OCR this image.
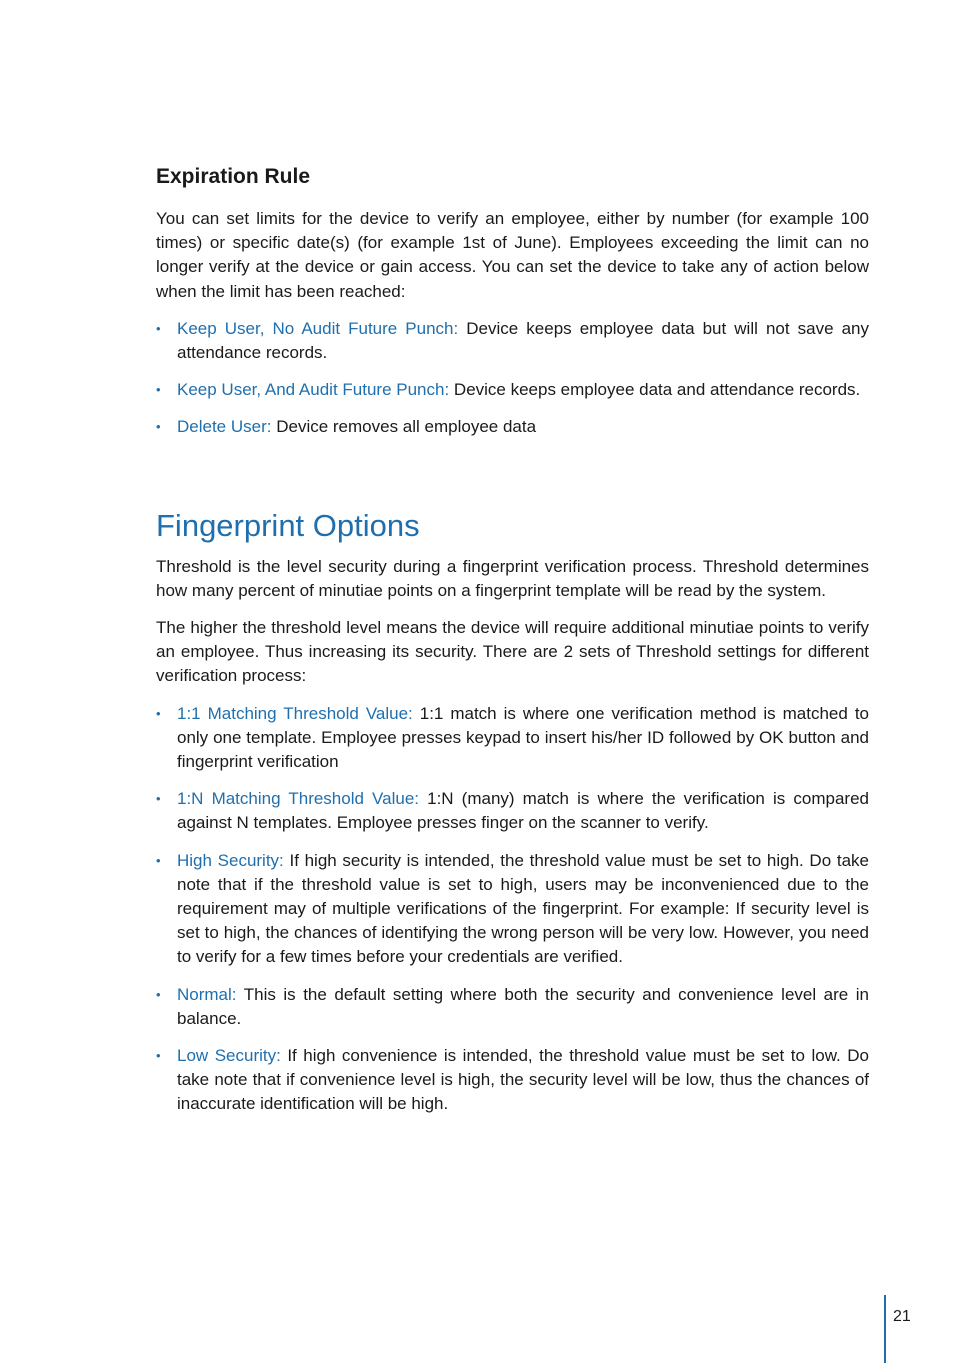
Expiration Rule

You can set limits for the device to verify an employee, either by number (for example 100 times) or specific date(s) (for example 1st of June). Employees exceeding the limit can no longer verify at the device or gain access. You can set the device to take any of action below when the limit has been reached:

• Keep User, No Audit Future Punch: Device keeps employee data but will not save any attendance records.
• Keep User, And Audit Future Punch: Device keeps employee data and attendance records.
• Delete User: Device removes all employee data
Fingerprint Options

Threshold is the level security during a fingerprint verification process. Threshold determines how many percent of minutiae points on a fingerprint template will be read by the system.

The higher the threshold level means the device will require additional minutiae points to verify an employee. Thus increasing its security. There are 2 sets of Threshold settings for different verification process:

• 1:1 Matching Threshold Value: 1:1 match is where one verification method is matched to only one template. Employee presses keypad to insert his/her ID followed by OK button and fingerprint verification
• 1:N Matching Threshold Value: 1:N (many) match is where the verification is compared against N templates. Employee presses finger on the scanner to verify.
• High Security: If high security is intended, the threshold value must be set to high. Do take note that if the threshold value is set to high, users may be inconvenienced due to the requirement may of multiple verifications of the fingerprint. For example: If security level is set to high, the chances of identifying the wrong person will be very low. However, you need to verify for a few times before your credentials are verified.
• Normal: This is the default setting where both the security and convenience level are in balance.
• Low Security: If high convenience is intended, the threshold value must be set to low. Do take note that if convenience level is high, the security level will be low, thus the chances of inaccurate identification will be high.
21
